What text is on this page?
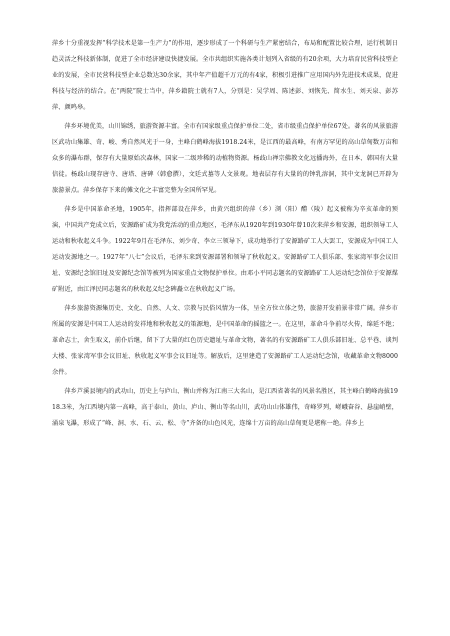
萍乡十分重视发挥“科学技术是第一生产力”的作用，逐步形成了一个科研与生产紧密结合，布局和配置比较合理，运行机制日趋灵活之科技新体制，促进了全市经济建设快捷发展。全市共组织实施各类计划列入省级的有20余项，大力培育民营科技型企业的发展，全市民营科技型企业总数达30余家，其中年产值超千万元的有4家，积极引进推广应用国内外先进技术成果，促进科技与经济的结合。在“两院”院士当中，萍乡籍院士就有7人，分别是：吴学周、陈述彭、刘恢先、简水生、刘天泉、彭苏萍、颜鸣皋。

萍乡环境优美，山川锦绣，旅游资源丰富。全市有国家级重点保护单位二处，省市级重点保护单位67处。著名的风景旅游区武功山集雄、奇、峻、秀自然风光于一身，主峰白鹤峰海拔1918.24米，是江西的最高峰，有南方罕见的高山草甸数万亩和众多的瀑布群，保存有大量原始次森林，国家一二级珍稀的动植物资源。杨歧山禅宗佛教文化远播海外，在日本、韩国有大量信徒。杨歧山现存唐寺、唐塔、唐碑（韩愈撰），文廷式墓等人文景观。地表层存有大量的的钟乳溶洞，其中文龙洞已开辟为旅游景点。萍乡保存下来的傩文化之丰富完整为全国所罕见。

萍乡是中国革命圣地，1905年，指挥部设在萍乡，由黄兴组织的萍（乡）浏（阳）醴（陵）起义被称为辛亥革命的预演，中国共产党成立后，安源路矿成为我党活动的重点地区，毛泽东从1920年到1930年曾10次来萍乡和安源，组织领导工人运动和秋收起义斗争。1922年9月在毛泽东、刘少奇、李立三领导下，成功地举行了安源路矿工人大罢工，安源成为中国工人运动发源地之一。1927年“八七”会议后，毛泽东来到安源部署和领导了秋收起义。安源路矿工人俱乐部、张家湾军事会议旧址、安源纪念馆旧址及安源纪念馆等被列为国家重点文物保护单位。由邓小平同志题名的安源路矿工人运动纪念馆位于安源煤矿附近，由江泽民同志题名的秋收起义纪念碑矗立在秋收起义广场。

萍乡旅游资源集历史、文化、自然、人文、宗教与民俗风情为一体，呈全方位立体之势，旅游开发前景非常广阔。萍乡市所属的安源是中国工人运动的发祥地和秋收起义的策源地，是中国革命的摇篮之一。在这里，革命斗争前尽火传，绵延不绝；革命志士，舍生取义，前仆后继，留下了大量的红色历史遗址与革命文物，著名的有安源路矿工人俱乐部旧址、总平巷、谈判大楼、张家湾军事会议旧址、秋收起义军事会议旧址等。解放后，这里建造了安源路矿工人运动纪念馆，收藏革命文物8000余件。

萍乡芦溪县境内的武功山，历史上与庐山、衡山并称为江南三大名山，是江西省著名的风景名胜区，其主峰白鹤峰海拔1918.3米，为江西境内第一高峰，高于泰山、黄山、庐山、衡山等名山川，武功山山体雄伟，奇峰罗列，嵯峨奋谷、悬崖峭壁，涌泉飞瀑，形成了“峰、洞、水、石、云、松、寺”齐备的山色风光，连绵十万亩的高山草甸更是堪称一绝。萍乡上
